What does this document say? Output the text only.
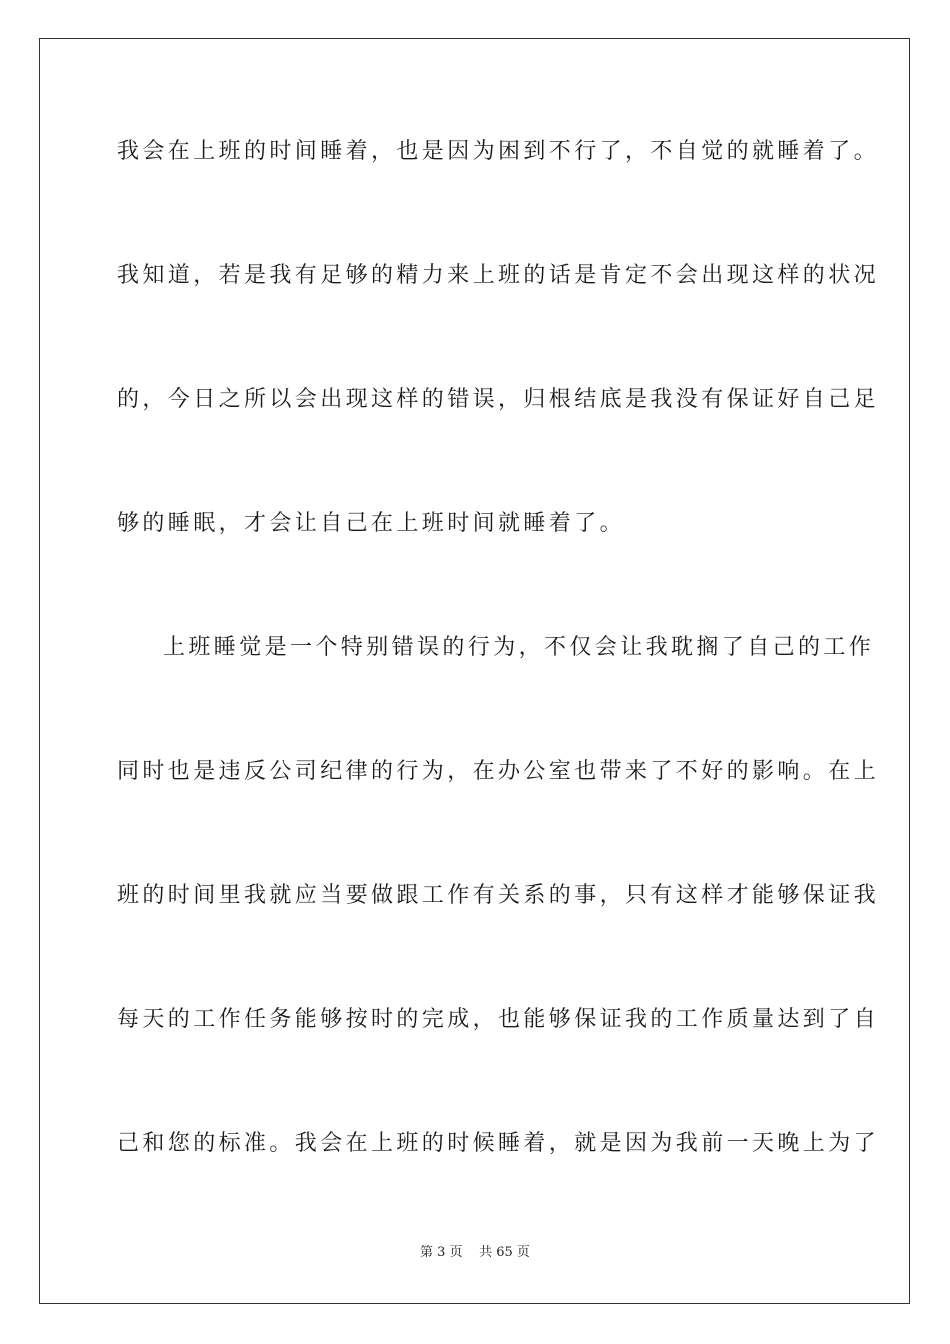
我会在上班的时间睡着，也是因为困到不行了，不自觉的就睡着了。
我知道，若是我有足够的精力来上班的话是肯定不会出现这样的状况
的，今日之所以会出现这样的错误，归根结底是我没有保证好自己足
够的睡眠，才会让自己在上班时间就睡着了。
上班睡觉是一个特别错误的行为，不仅会让我耽搁了自己的工作
同时也是违反公司纪律的行为，在办公室也带来了不好的影响。在上
班的时间里我就应当要做跟工作有关系的事，只有这样才能够保证我
每天的工作任务能够按时的完成，也能够保证我的工作质量达到了自
己和您的标准。我会在上班的时候睡着，就是因为我前一天晚上为了
第 3 页 共 65 页
